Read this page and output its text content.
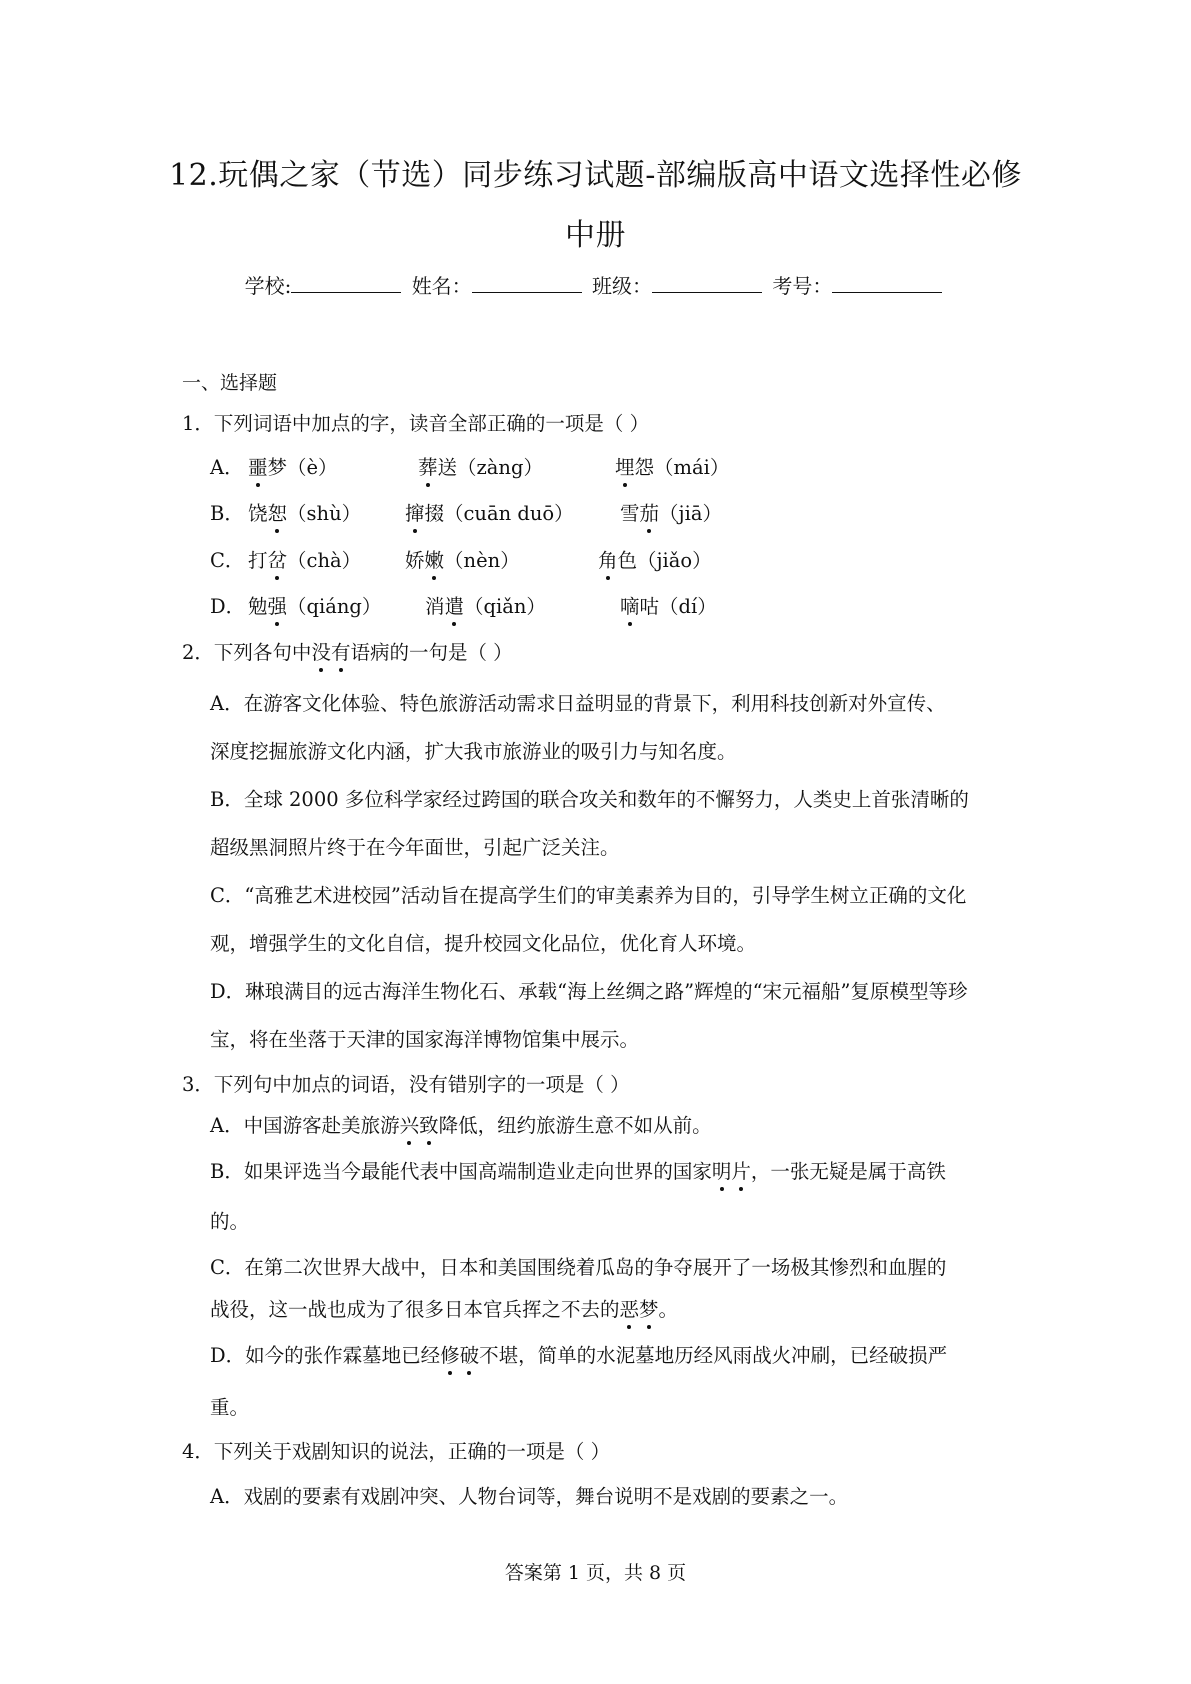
12.玩偶之家（节选）同步练习试题-部编版高中语文选择性必修
中册
学校:	姓名：	班级：	考号：
一、选择题
1．下列词语中加点的字，读音全部正确的一项是（ ）
A． 噩梦（è）	葬送（zàng）	埋怨（mái）
B． 饶恕（shù） 撺掇（cuān duō） 雪茄（jiā）
C． 打岔（chà） 娇嫩（nèn）	角色（jiǎo）
D． 勉强（qiáng） 消遣（qiǎn）	嘀咕（dí）
2．下列各句中没有语病的一句是（ ）
A．在游客文化体验、特色旅游活动需求日益明显的背景下，利用科技创新对外宣传、
深度挖掘旅游文化内涵，扩大我市旅游业的吸引力与知名度。
B．全球 2000 多位科学家经过跨国的联合攻关和数年的不懈努力，人类史上首张清晰的
超级黑洞照片终于在今年面世，引起广泛关注。
C．“高雅艺术进校园”活动旨在提高学生们的审美素养为目的，引导学生树立正确的文化
观，增强学生的文化自信，提升校园文化品位，优化育人环境。
D．琳琅满目的远古海洋生物化石、承载“海上丝绸之路”辉煌的“宋元福船”复原模型等珍
宝，将在坐落于天津的国家海洋博物馆集中展示。
3．下列句中加点的词语，没有错别字的一项是（ ）
A．中国游客赴美旅游兴致降低，纽约旅游生意不如从前。
B．如果评选当今最能代表中国高端制造业走向世界的国家明片，一张无疑是属于高铁
的。
C．在第二次世界大战中，日本和美国围绕着瓜岛的争夺展开了一场极其惨烈和血腥的
战役，这一战也成为了很多日本官兵挥之不去的恶梦。
D．如今的张作霖墓地已经修破不堪，简单的水泥墓地历经风雨战火冲刷，已经破损严
重。
4．下列关于戏剧知识的说法，正确的一项是（ ）
A．戏剧的要素有戏剧冲突、人物台词等，舞台说明不是戏剧的要素之一。
答案第 1 页，共 8 页
